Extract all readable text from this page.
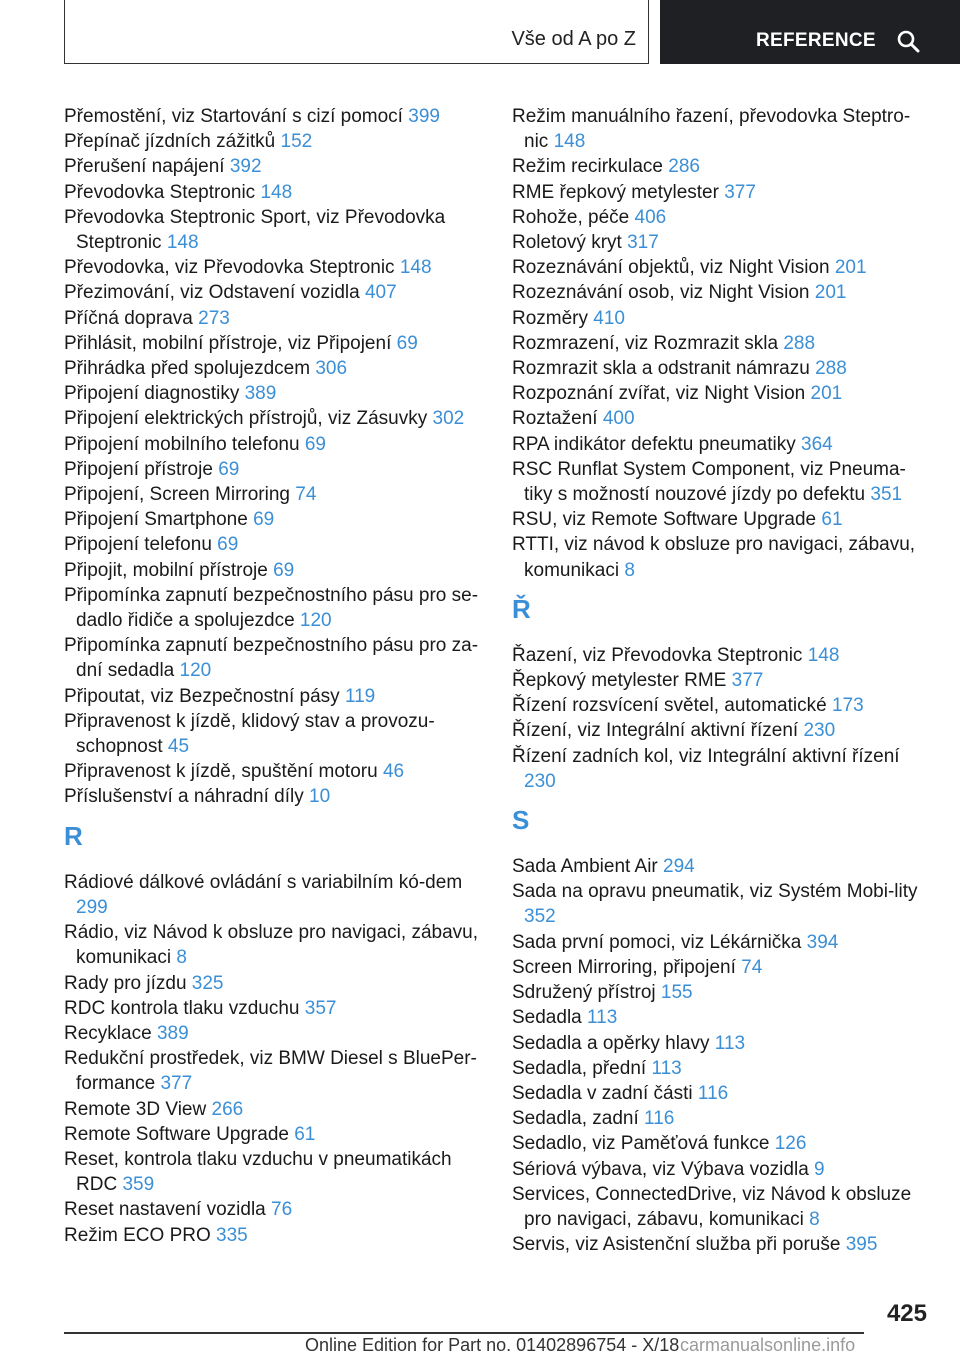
Vše od A po Z	REFERENCE
Přemostění, viz Startování s cizí pomocí 399
Přepínač jízdních zážitků 152
Přerušení napájení 392
Převodovka Steptronic 148
Převodovka Steptronic Sport, viz Převodovka Steptronic 148
Převodovka, viz Převodovka Steptronic 148
Přezimování, viz Odstavení vozidla 407
Příčná doprava 273
Přihlásit, mobilní přístroje, viz Připojení 69
Přihrádka před spolujezdcem 306
Připojení diagnostiky 389
Připojení elektrických přístrojů, viz Zásuvky 302
Připojení mobilního telefonu 69
Připojení přístroje 69
Připojení, Screen Mirroring 74
Připojení Smartphone 69
Připojení telefonu 69
Připojit, mobilní přístroje 69
Připomínka zapnutí bezpečnostního pásu pro se-dadlo řidiče a spolujezdce 120
Připomínka zapnutí bezpečnostního pásu pro za-dní sedadla 120
Připoutat, viz Bezpečnostní pásy 119
Připravenost k jízdě, klidový stav a provozu-schopnost 45
Připravenost k jízdě, spuštění motoru 46
Příslušenství a náhradní díly 10
R
Rádiové dálkové ovládání s variabilním kó-dem 299
Rádio, viz Návod k obsluze pro navigaci, zábavu, komunikaci 8
Rady pro jízdu 325
RDC kontrola tlaku vzduchu 357
Recyklace 389
Redukční prostředek, viz BMW Diesel s BluePer-formance 377
Remote 3D View 266
Remote Software Upgrade 61
Reset, kontrola tlaku vzduchu v pneumatikách RDC 359
Reset nastavení vozidla 76
Režim ECO PRO 335
Režim manuálního řazení, převodovka Steptro-nic 148
Režim recirkulace 286
RME řepkový metylester 377
Rohože, péče 406
Roletový kryt 317
Rozeznávání objektů, viz Night Vision 201
Rozeznávání osob, viz Night Vision 201
Rozměry 410
Rozmrazení, viz Rozmrazit skla 288
Rozmrazit skla a odstranit námrazu 288
Rozpoznání zvířat, viz Night Vision 201
Roztažení 400
RPA indikátor defektu pneumatiky 364
RSC Runflat System Component, viz Pneuma-tiky s možností nouzové jízdy po defektu 351
RSU, viz Remote Software Upgrade 61
RTTI, viz návod k obsluze pro navigaci, zábavu, komunikaci 8
Ř
Řazení, viz Převodovka Steptronic 148
Řepkový metylester RME 377
Řízení rozsvícení světel, automatické 173
Řízení, viz Integrální aktivní řízení 230
Řízení zadních kol, viz Integrální aktivní řízení 230
S
Sada Ambient Air 294
Sada na opravu pneumatik, viz Systém Mobi-lity 352
Sada první pomoci, viz Lékárnička 394
Screen Mirroring, připojení 74
Sdružený přístroj 155
Sedadla 113
Sedadla a opěrky hlavy 113
Sedadla, přední 113
Sedadla v zadní části 116
Sedadla, zadní 116
Sedadlo, viz Paměťová funkce 126
Sériová výbava, viz Výbava vozidla 9
Services, ConnectedDrive, viz Návod k obsluze pro navigaci, zábavu, komunikaci 8
Servis, viz Asistenční služba při poruše 395
425
Online Edition for Part no. 01402896754 - X/18 carmanualsonline.info
